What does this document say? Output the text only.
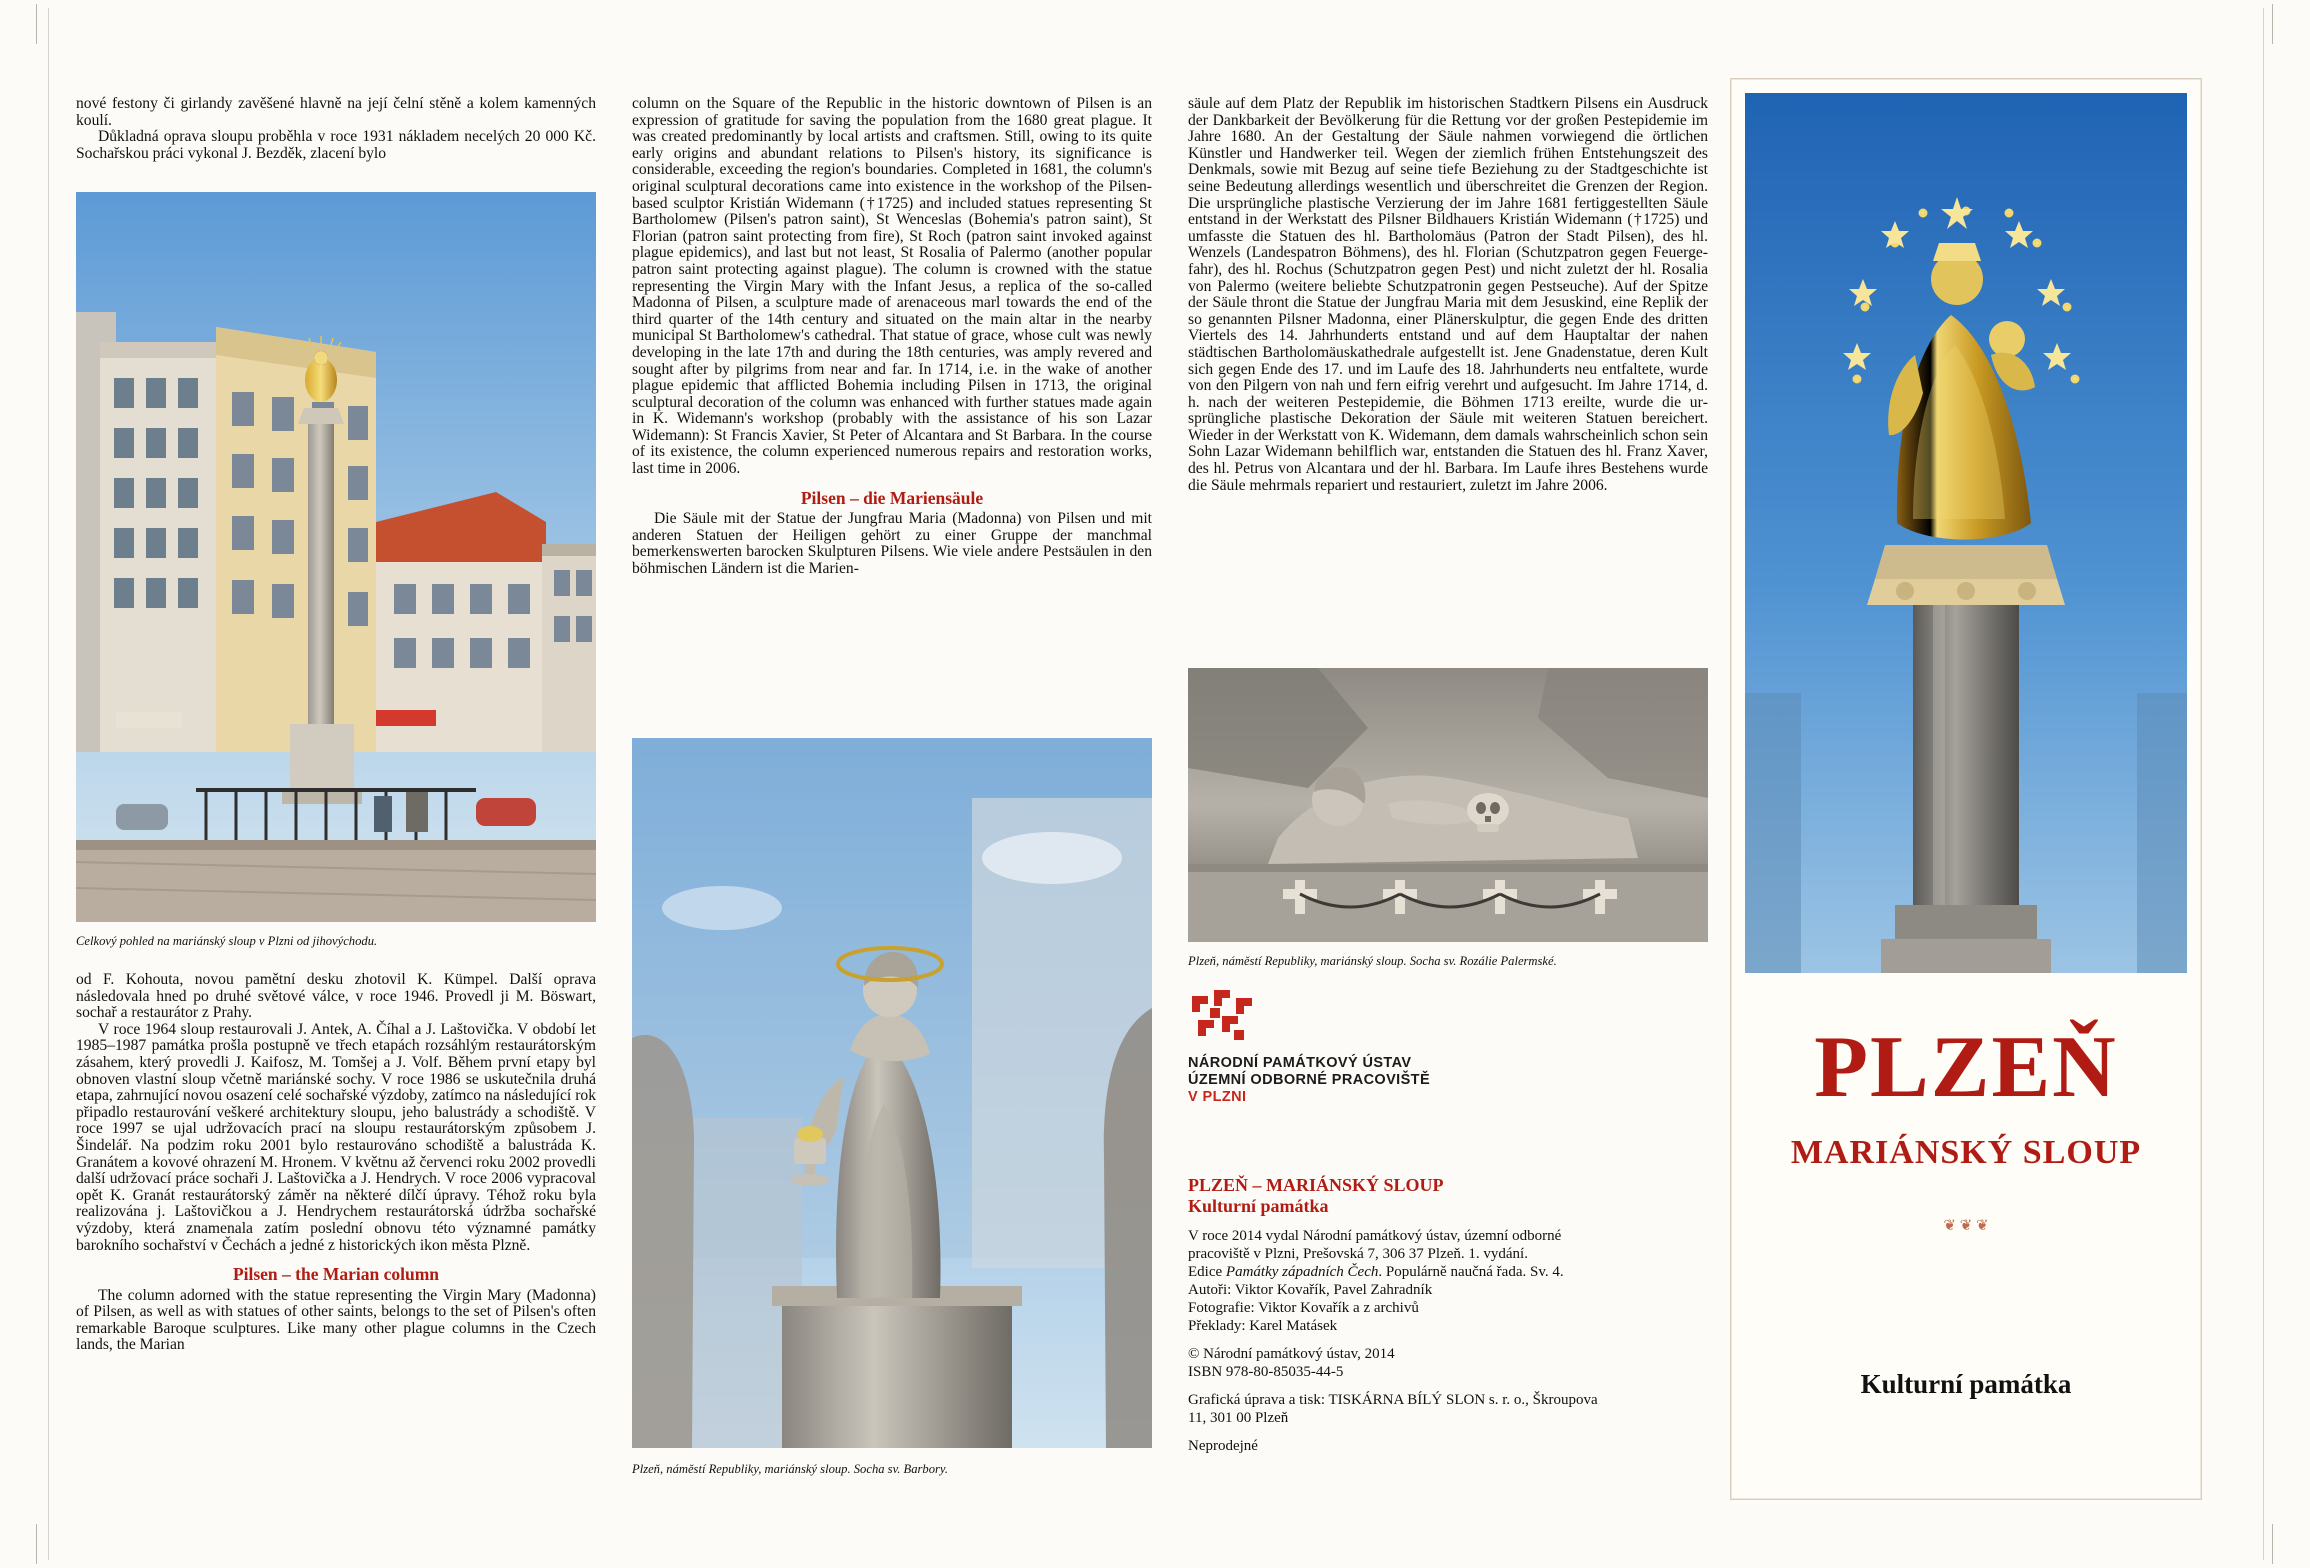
nové festony či girlandy zavěšené hlavně na její čelní stěně a kolem kamenných koulí.

Důkladná oprava sloupu proběhla v roce 1931 nákladem necelých 20 000 Kč. Sochařskou práci vykonal J. Bezděk, zlacení bylo

Celkový pohled na mariánský sloup v Plzni od jihovýchodu.

od F. Kohouta, novou pamětní desku zhotovil K. Kümpel. Další oprava následovala hned po druhé světové válce, v roce 1946. Provedl ji M. Böswart, sochař a restaurátor z Prahy.

V roce 1964 sloup restaurovali J. Antek, A. Číhal a J. Laštovička. V období let 1985–1987 památka prošla postupně ve třech etapách rozsáhlým restaurátorským zásahem, který provedli J. Kaifosz, M. Tomšej a J. Volf. Během první etapy byl obnoven vlastní sloup včetně mariánské sochy. V roce 1986 se uskutečnila druhá etapa, zahrnující novou osazení celé sochařské výzdoby, zatímco na následující rok připadlo restaurování veškeré architektury sloupu, jeho balustrády a schodiště. V roce 1997 se ujal udržovacích prací na sloupu restaurátorským způsobem J. Šindelář. Na podzim roku 2001 bylo restaurováno schodiště a balustráda K. Granátem a kovové ohrazení M. Hronem. V květnu až červenci roku 2002 provedli další udržovací práce sochaři J. Laštovička a J. Hendrych. V roce 2006 vypracoval opět K. Granát restaurátorský záměr na některé dílčí úpravy. Téhož roku byla realizována j. Laštovičkou a J. Hendrychem restaurátorská údržba sochařské výzdoby, která znamenala zatím poslední obnovu této významné památky barokního sochařství v Čechách a jedné z historických ikon města Plzně.

Pilsen – the Marian column

The column adorned with the statue representing the Virgin Mary (Madonna) of Pilsen, as well as with statues of other saints, belongs to the set of Pilsen's often remarkable Baroque sculptures. Like many other plague columns in the Czech lands, the Marian

column on the Square of the Republic in the historic downtown of Pilsen is an expression of gratitude for saving the population from the 1680 great plague. It was created predominantly by local artists and craftsmen. Still, owing to its quite early origins and abundant relations to Pilsen's history, its significance is considerable, exceeding the region's boundaries. Completed in 1681, the column's original sculptural decorations came into existence in the workshop of the Pilsen-based sculptor Kristián Widemann (†1725) and included statues representing St Bartholomew (Pilsen's patron saint), St Wenceslas (Bohemia's patron saint), St Florian (patron saint protecting from fire), St Roch (patron saint invoked against plague epidemics), and last but not least, St Rosalia of Palermo (another popular patron saint protecting against plague). The column is crowned with the statue representing the Virgin Mary with the Infant Jesus, a replica of the so-called Madonna of Pilsen, a sculpture made of arenaceous marl towards the end of the third quarter of the 14th century and situated on the main altar in the nearby municipal St Bartholomew's cathedral. That statue of grace, whose cult was newly developing in the late 17th and during the 18th centuries, was amply revered and sought after by pilgrims from near and far. In 1714, i.e. in the wake of another plague epidemic that afflicted Bohemia including Pilsen in 1713, the original sculptural decoration of the column was enhanced with further statues made again in K. Widemann's workshop (probably with the assistance of his son Lazar Widemann): St Francis Xavier, St Peter of Alcantara and St Barbara. In the course of its existence, the column experienced numerous repairs and restoration works, last time in 2006.

Pilsen – die Mariensäule

Die Säule mit der Statue der Jungfrau Maria (Madonna) von Pilsen und mit anderen Statuen der Heiligen gehört zu einer Gruppe der manchmal bemerkenswerten barocken Skulpturen Pilsens. Wie viele andere Pestsäulen in den böhmischen Ländern ist die Marien-

Plzeň, náměstí Republiky, mariánský sloup. Socha sv. Barbory.

säule auf dem Platz der Republik im historischen Stadtkern Pilsens ein Ausdruck der Dankbarkeit der Bevölkerung für die Rettung vor der großen Pestepidemie im Jahre 1680. An der Gestaltung der Säule nahmen vorwiegend die örtlichen Künstler und Handwerker teil. Wegen der ziemlich frühen Entstehungszeit des Denkmals, sowie mit Bezug auf seine tiefe Beziehung zu der Stadtgeschichte ist seine Bedeutung allerdings wesentlich und überschreitet die Grenzen der Region. Die ursprüngliche plastische Verzierung der im Jahre 1681 fertiggestellten Säule entstand in der Werkstatt des Pilsner Bildhauers Kristián Widemann (†1725) und umfasste die Statuen des hl. Bartholomäus (Patron der Stadt Pilsen), des hl. Wenzels (Landespatron Böhmens), des hl. Florian (Schutzpatron gegen Feuergefahr), des hl. Rochus (Schutzpatron gegen Pest) und nicht zuletzt der hl. Rosalia von Palermo (weitere beliebte Schutzpatronin gegen Pestseuche). Auf der Spitze der Säule thront die Statue der Jungfrau Maria mit dem Jesuskind, eine Replik der so genannten Pilsner Madonna, einer Plänerskulptur, die gegen Ende des dritten Viertels des 14. Jahrhunderts entstand und auf dem Hauptaltar der nahen städtischen Bartholomäuskathedrale aufgestellt ist. Jene Gnadenstatue, deren Kult sich gegen Ende des 17. und im Laufe des 18. Jahrhunderts neu entfaltete, wurde von den Pilgern von nah und fern eifrig verehrt und aufgesucht. Im Jahre 1714, d. h. nach der weiteren Pestepidemie, die Böhmen 1713 ereilte, wurde die ursprüngliche plastische Dekoration der Säule mit weiteren Statuen bereichert. Wieder in der Werkstatt von K. Widemann, dem damals wahrscheinlich schon sein Sohn Lazar Widemann behilflich war, entstanden die Statuen des hl. Franz Xaver, des hl. Petrus von Alcantara und der hl. Barbara. Im Laufe ihres Bestehens wurde die Säule mehrmals repariert und restauriert, zuletzt im Jahre 2006.

Plzeň, náměstí Republiky, mariánský sloup. Socha sv. Rozálie Palermské.
NÁRODNÍ PAMÁTKOVÝ ÚSTAV
ÚZEMNÍ ODBORNÉ PRACOVIŠTĚ
V PLZNI
PLZEŇ – MARIÁNSKÝ SLOUP
Kulturní památka
V roce 2014 vydal Národní památkový ústav, územní odborné pracoviště v Plzni, Prešovská 7, 306 37 Plzeň. 1. vydání.
Edice Památky západních Čech. Populárně naučná řada. Sv. 4.
Autoři: Viktor Kovařík, Pavel Zahradník
Fotografie: Viktor Kovařík a z archivů
Překlady: Karel Matásek
© Národní památkový ústav, 2014
ISBN 978-80-85035-44-5
Grafická úprava a tisk: TISKÁRNA BÍLÝ SLON s. r. o., Škroupova 11, 301 00 Plzeň
Neprodejné
PLZEŇ
MARIÁNSKÝ SLOUP
❦ ❦ ❦
Kulturní památka
